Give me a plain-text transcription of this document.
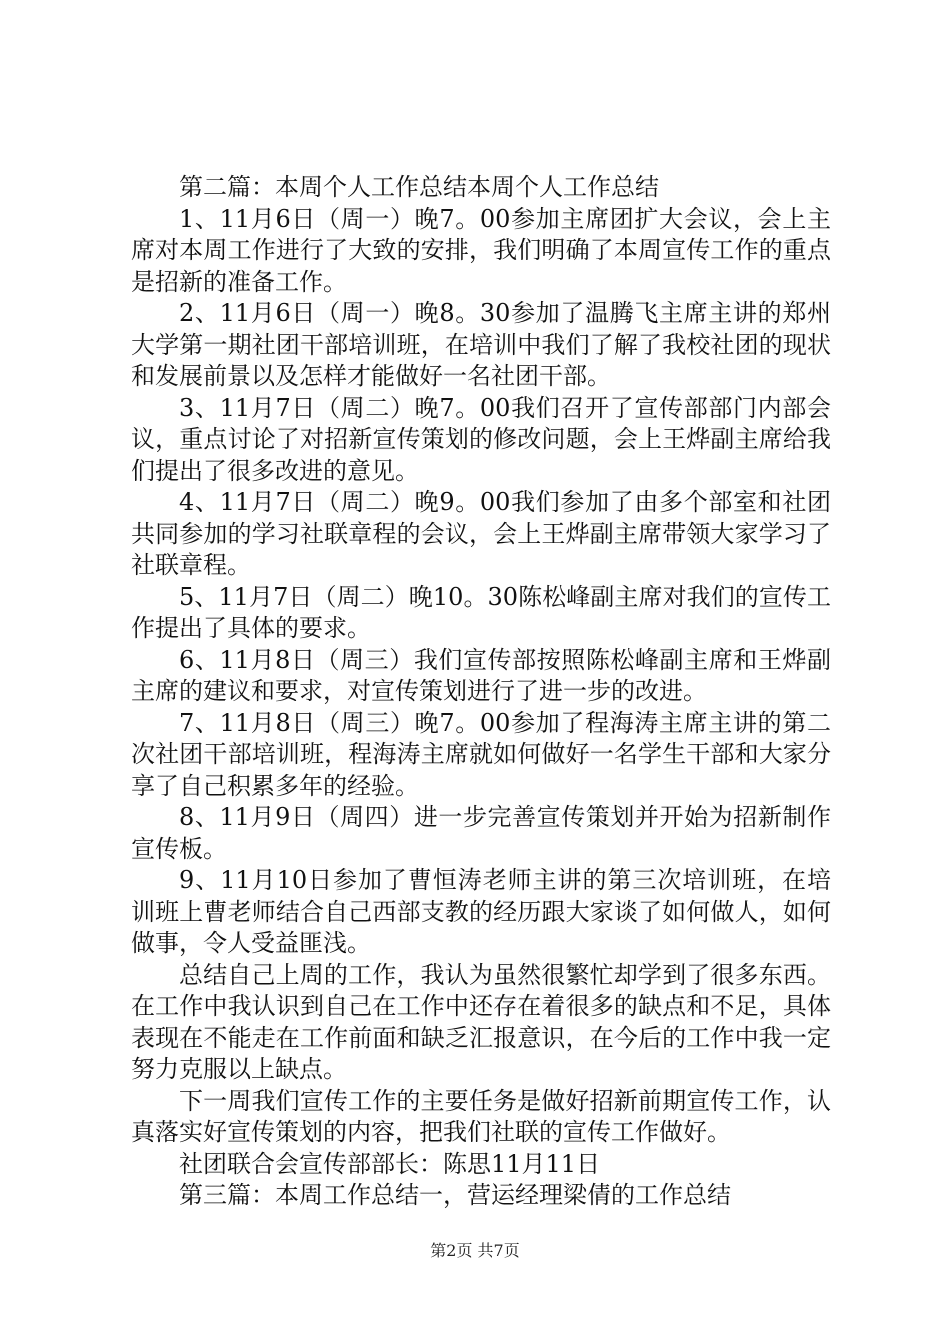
第二篇：本周个人工作总结本周个人工作总结

1、11月6日（周一）晚7。00参加主席团扩大会议，会上主席对本周工作进行了大致的安排，我们明确了本周宣传工作的重点是招新的准备工作。

2、11月6日（周一）晚8。30参加了温腾飞主席主讲的郑州大学第一期社团干部培训班，在培训中我们了解了我校社团的现状和发展前景以及怎样才能做好一名社团干部。

3、11月7日（周二）晚7。00我们召开了宣传部部门内部会议，重点讨论了对招新宣传策划的修改问题，会上王烨副主席给我们提出了很多改进的意见。

4、11月7日（周二）晚9。00我们参加了由多个部室和社团共同参加的学习社联章程的会议，会上王烨副主席带领大家学习了社联章程。

5、11月7日（周二）晚10。30陈松峰副主席对我们的宣传工作提出了具体的要求。

6、11月8日（周三）我们宣传部按照陈松峰副主席和王烨副主席的建议和要求，对宣传策划进行了进一步的改进。

7、11月8日（周三）晚7。00参加了程海涛主席主讲的第二次社团干部培训班，程海涛主席就如何做好一名学生干部和大家分享了自己积累多年的经验。

8、11月9日（周四）进一步完善宣传策划并开始为招新制作宣传板。

9、11月10日参加了曹恒涛老师主讲的第三次培训班，在培训班上曹老师结合自己西部支教的经历跟大家谈了如何做人，如何做事，令人受益匪浅。

总结自己上周的工作，我认为虽然很繁忙却学到了很多东西。在工作中我认识到自己在工作中还存在着很多的缺点和不足，具体表现在不能走在工作前面和缺乏汇报意识，在今后的工作中我一定努力克服以上缺点。

下一周我们宣传工作的主要任务是做好招新前期宣传工作，认真落实好宣传策划的内容，把我们社联的宣传工作做好。

社团联合会宣传部部长：陈思11月11日

第三篇：本周工作总结一，营运经理梁倩的工作总结

第2页 共7页
